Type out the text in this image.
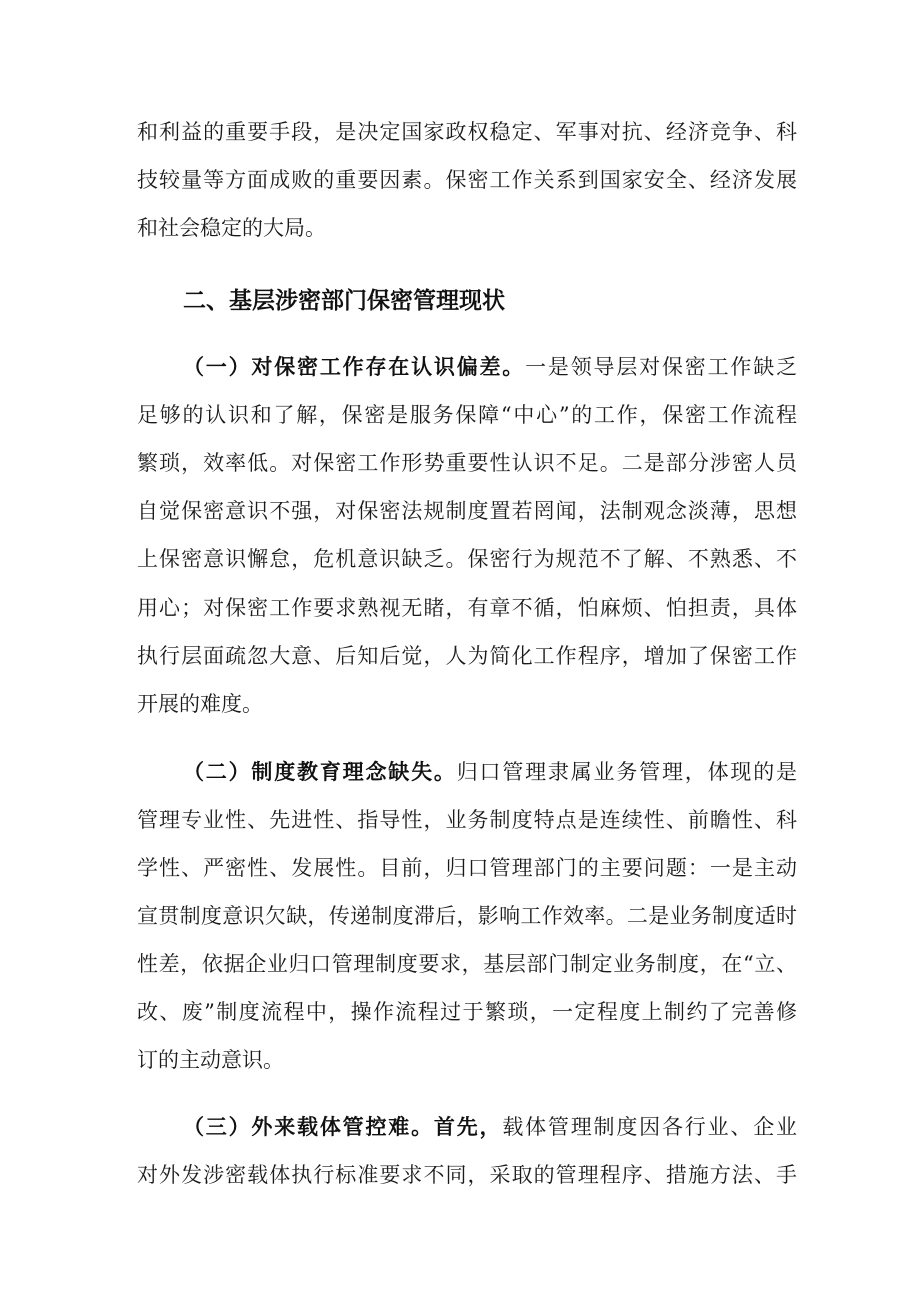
和利益的重要手段，是决定国家政权稳定、军事对抗、经济竞争、科
技较量等方面成败的重要因素。保密工作关系到国家安全、经济发展
和社会稳定的大局。
二、基层涉密部门保密管理现状
（一）对保密工作存在认识偏差。一是领导层对保密工作缺乏
足够的认识和了解，保密是服务保障“中心”的工作，保密工作流程
繁琐，效率低。对保密工作形势重要性认识不足。二是部分涉密人员
自觉保密意识不强，对保密法规制度置若罔闻，法制观念淡薄，思想
上保密意识懈怠，危机意识缺乏。保密行为规范不了解、不熟悉、不
用心；对保密工作要求熟视无睹，有章不循，怕麻烦、怕担责，具体
执行层面疏忽大意、后知后觉，人为简化工作程序，增加了保密工作
开展的难度。
（二）制度教育理念缺失。归口管理隶属业务管理，体现的是
管理专业性、先进性、指导性，业务制度特点是连续性、前瞻性、科
学性、严密性、发展性。目前，归口管理部门的主要问题：一是主动
宣贯制度意识欠缺，传递制度滞后，影响工作效率。二是业务制度适时
性差，依据企业归口管理制度要求，基层部门制定业务制度，在“立、
改、废”制度流程中，操作流程过于繁琐，一定程度上制约了完善修
订的主动意识。
（三）外来载体管控难。首先，载体管理制度因各行业、企业
对外发涉密载体执行标准要求不同，采取的管理程序、措施方法、手
